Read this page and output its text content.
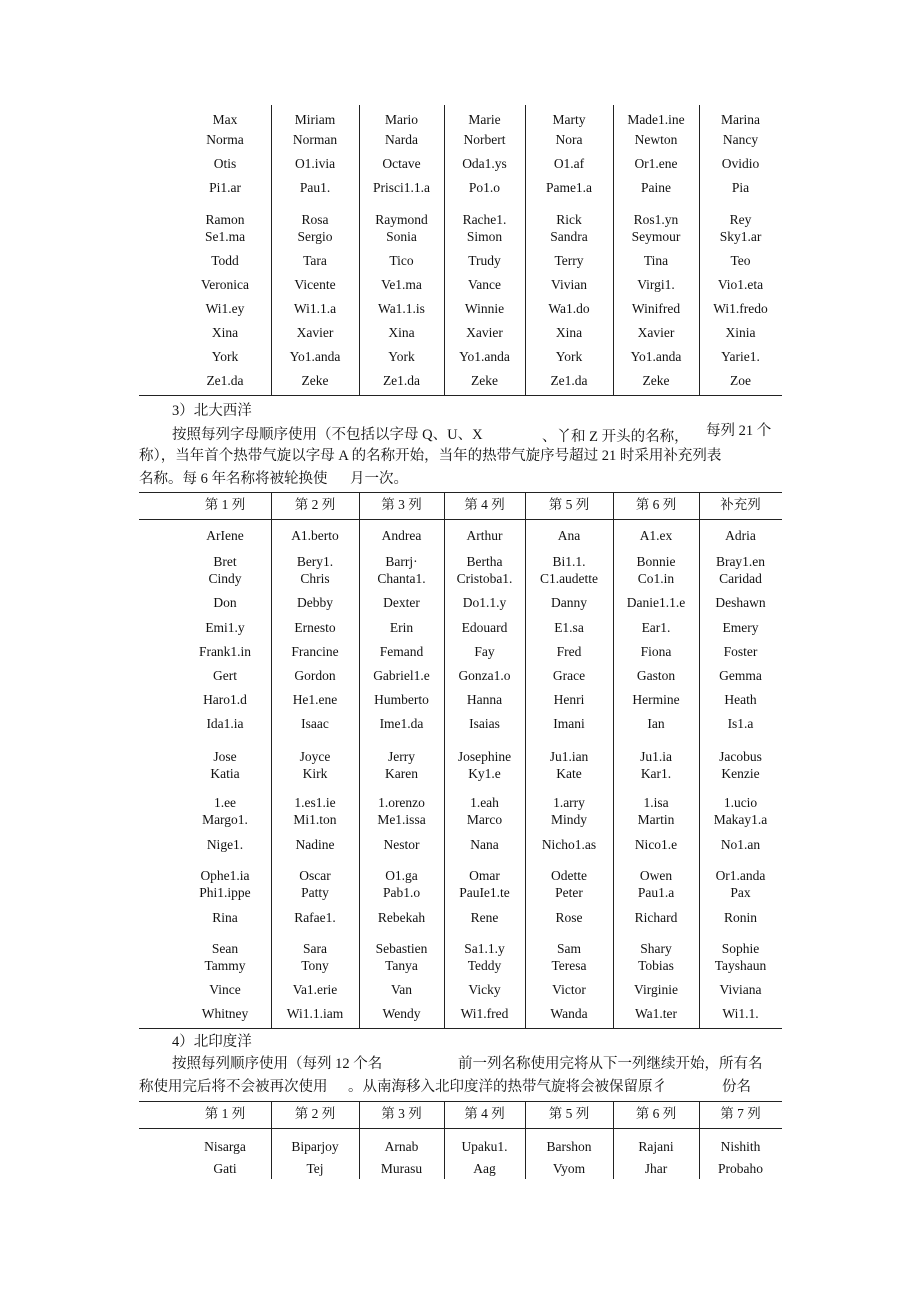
Max	Miriam	Mario	Marie	Marty	Made1.ine	Marina
Norma	Norman	Narda	Norbert	Nora	Newton	Nancy
Otis	O1.ivia	Octave	Oda1.ys	O1.af	Or1.ene	Ovidio
Pi1.ar	Pau1.	Prisci1.1.a	Po1.o	Pame1.a	Paine	Pia
Ramon	Rosa	Raymond	Rache1.	Rick	Ros1.yn	Rey
Se1.ma	Sergio	Sonia	Simon	Sandra	Seymour	Sky1.ar
Todd	Tara	Tico	Trudy	Terry	Tina	Teo
Veronica	Vicente	Ve1.ma	Vance	Vivian	Virgi1.	Vio1.eta
Wi1.ey	Wi1.1.a	Wa1.1.is	Winnie	Wa1.do	Winifred	Wi1.fredo
Xina	Xavier	Xina	Xavier	Xina	Xavier	Xinia
York	Yo1.anda	York	Yo1.anda	York	Yo1.anda	Yarie1.
Ze1.da	Zeke	Ze1.da	Zeke	Ze1.da	Zeke	Zoe
3）北大西洋
按照每列字母顺序使用（不包括以字母 Q、U、X	、丫和 Z 开头的名称， 每列 21 个
称），当年首个热带气旋以字母 A 的名称开始，当年的热带气旋序号超过 21 时采用补充列表
名称。每 6 年名称将被轮换使 月一次。
第 1 列	第 2 列	第 3 列	第 4 列	第 5 列	第 6 列	补充列
ArIene	A1.berto	Andrea	Arthur	Ana	A1.ex	Adria
Bret	Bery1.	Barrj·	Bertha	Bi1.1.	Bonnie	Bray1.en
Cindy	Chris	Chanta1.	Cristoba1.	C1.audette	Co1.in	Caridad
Don	Debby	Dexter	Do1.1.y	Danny	Danie1.1.e	Deshawn
Emi1.y	Ernesto	Erin	Edouard	E1.sa	Ear1.	Emery
Frank1.in	Francine	Femand	Fay	Fred	Fiona	Foster
Gert	Gordon	Gabriel1.e	Gonza1.o	Grace	Gaston	Gemma
Haro1.d	He1.ene	Humberto	Hanna	Henri	Hermine	Heath
Ida1.ia	Isaac	Ime1.da	Isaias	Imani	Ian	Is1.a
Jose	Joyce	Jerry	Josephine	Ju1.ian	Ju1.ia	Jacobus
Katia	Kirk	Karen	Ky1.e	Kate	Kar1.	Kenzie
1.ee	1.es1.ie	1.orenzo	1.eah	1.arry	1.isa	1.ucio
Margo1.	Mi1.ton	Me1.issa	Marco	Mindy	Martin	Makay1.a
Nige1.	Nadine	Nestor	Nana	Nicho1.as	Nico1.e	No1.an
Ophe1.ia	Oscar	O1.ga	Omar	Odette	Owen	Or1.anda
Phi1.ippe	Patty	Pab1.o	PauIe1.te	Peter	Pau1.a	Pax
Rina	Rafae1.	Rebekah	Rene	Rose	Richard	Ronin
Sean	Sara	Sebastien	Sa1.1.y	Sam	Shary	Sophie
Tammy	Tony	Tanya	Teddy	Teresa	Tobias	Tayshaun
Vince	Va1.erie	Van	Vicky	Victor	Virginie	Viviana
Whitney	Wi1.1.iam	Wendy	Wi1.fred	Wanda	Wa1.ter	Wi1.1.
4）北印度洋
按照每列顺序使用（每列 12 个名	前一列名称使用完将从下一列继续开始，所有名
称使用完后将不会被再次使用 。从南海移入北印度洋的热带气旋将会被保留原彳	份名
第 1 列	第 2 列	第 3 列	第 4 列	第 5 列	第 6 列	第 7 列
Nisarga	Biparjoy	Arnab	Upaku1.	Barshon	Rajani	Nishith
Gati	Tej	Murasu	Aag	Vyom	Jhar	Probaho
